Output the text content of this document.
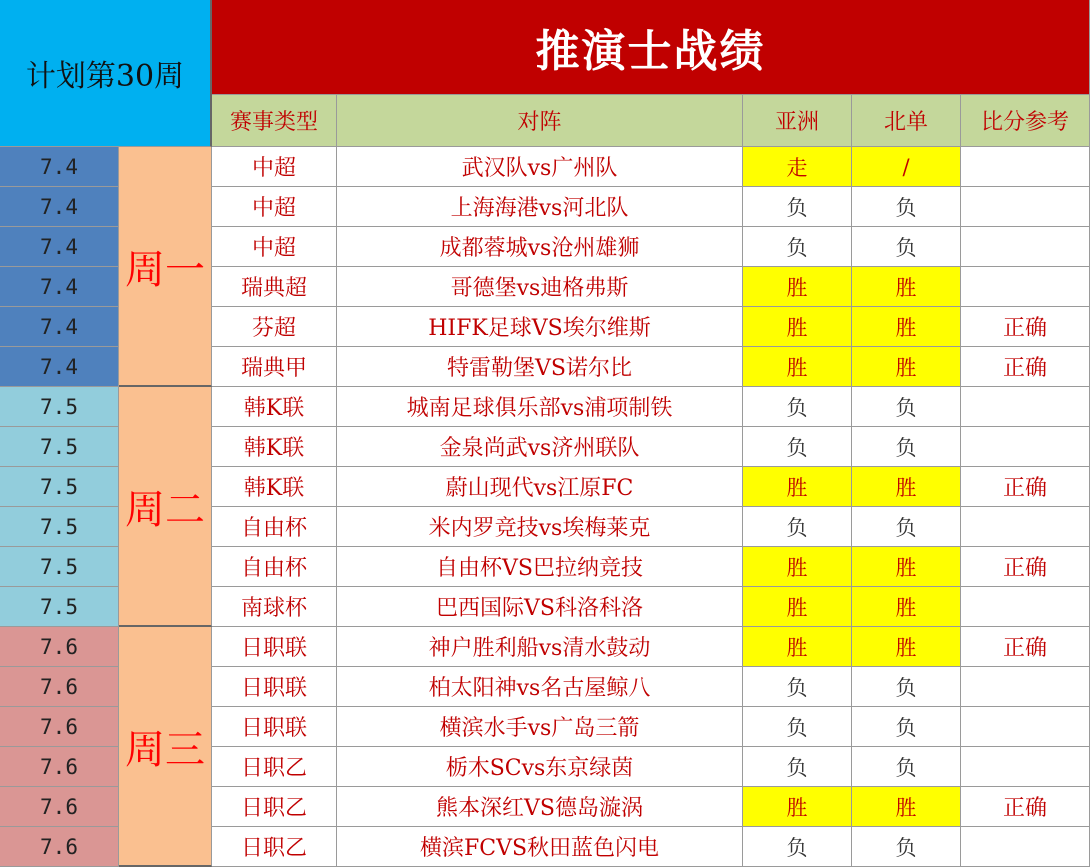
计划第30周	推演士战绩
赛事类型	对阵	亚洲	北单	比分参考
7.4	中超	武汉队vs广州队	走	/
7.4	中超	上海海港vs河北队	负	负
7.4	中超	成都蓉城vs沧州雄狮	负	负
7.4	瑞典超	哥德堡vs迪格弗斯	胜	胜
7.4	芬超	HIFK足球VS埃尔维斯	胜	胜	正确
7.4	瑞典甲	特雷勒堡VS诺尔比	胜	胜	正确
7.5	韩K联	城南足球俱乐部vs浦项制铁	负	负
7.5	韩K联	金泉尚武vs济州联队	负	负
7.5	韩K联	蔚山现代vs江原FC	胜	胜	正确
7.5	自由杯	米内罗竞技vs埃梅莱克	负	负
7.5	自由杯	自由杯VS巴拉纳竞技	胜	胜	正确
7.5	南球杯	巴西国际VS科洛科洛	胜	胜
7.6	日职联	神户胜利船vs清水鼓动	胜	胜	正确
7.6	日职联	柏太阳神vs名古屋鲸八	负	负
7.6	日职联	横滨水手vs广岛三箭	负	负
7.6	日职乙	栃木SCvs东京绿茵	负	负
7.6	日职乙	熊本深红VS德岛漩涡	胜	胜	正确
7.6	日职乙	横滨FCVS秋田蓝色闪电	负	负
周一
周二
周三
